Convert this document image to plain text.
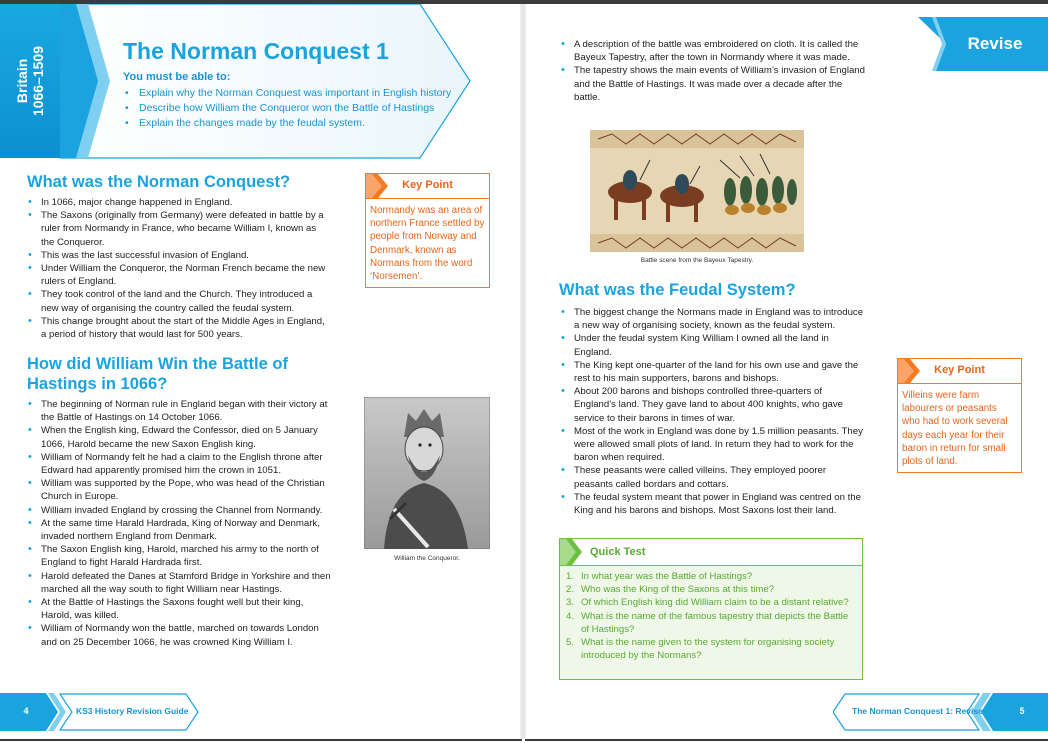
Britain
1066–1509	The Norman Conquest 1
You must be able to:
• Explain why the Norman Conquest was important in English history
• Describe how William the Conqueror won the Battle of Hastings
• Explain the changes made by the feudal system.
Revise
What was the Norman Conquest?
• In 1066, major change happened in England.
• The Saxons (originally from Germany) were defeated in battle by a ruler from Normandy in France, who became William I, known as the Conqueror.
• This was the last successful invasion of England.
• Under William the Conqueror, the Norman French became the new rulers of England.
• They took control of the land and the Church. They introduced a new way of organising the country called the feudal system.
• This change brought about the start of the Middle Ages in England, a period of history that would last for 500 years.
Key Point
Normandy was an area of northern France settled by people from Norway and Denmark, known as Normans from the word ‘Norsemen’.
How did William Win the Battle of Hastings in 1066?
• The beginning of Norman rule in England began with their victory at the Battle of Hastings on 14 October 1066.
• When the English king, Edward the Confessor, died on 5 January 1066, Harold became the new Saxon English king.
• William of Normandy felt he had a claim to the English throne after Edward had apparently promised him the crown in 1051.
• William was supported by the Pope, who was head of the Christian Church in Europe.
• William invaded England by crossing the Channel from Normandy.
• At the same time Harald Hardrada, King of Norway and Denmark, invaded northern England from Denmark.
• The Saxon English king, Harold, marched his army to the north of England to fight Harald Hardrada first.
• Harold defeated the Danes at Stamford Bridge in Yorkshire and then marched all the way south to fight William near Hastings.
• At the Battle of Hastings the Saxons fought well but their king, Harold, was killed.
• William of Normandy won the battle, marched on towards London and on 25 December 1066, he was crowned King William I.
William the Conqueror.
• A description of the battle was embroidered on cloth. It is called the Bayeux Tapestry, after the town in Normandy where it was made.
• The tapestry shows the main events of William’s invasion of England and the Battle of Hastings. It was made over a decade after the battle.
Battle scene from the Bayeux Tapestry.
What was the Feudal System?
• The biggest change the Normans made in England was to introduce a new way of organising society, known as the feudal system.
• Under the feudal system King William I owned all the land in England.
• The King kept one-quarter of the land for his own use and gave the rest to his main supporters, barons and bishops.
• About 200 barons and bishops controlled three-quarters of England’s land. They gave land to about 400 knights, who gave service to their barons in times of war.
• Most of the work in England was done by 1.5 million peasants. They were allowed small plots of land. In return they had to work for the baron when required.
• These peasants were called villeins. They employed poorer peasants called bordars and cottars.
• The feudal system meant that power in England was centred on the King and his barons and bishops. Most Saxons lost their land.
Key Point
Villeins were farm labourers or peasants who had to work several days each year for their baron in return for small plots of land.
Quick Test
1. In what year was the Battle of Hastings?
2. Who was the King of the Saxons at this time?
3. Of which English king did William claim to be a distant relative?
4. What is the name of the famous tapestry that depicts the Battle of Hastings?
5. What is the name given to the system for organising society introduced by the Normans?
4	KS3 History Revision Guide	The Norman Conquest 1: Revise	5
